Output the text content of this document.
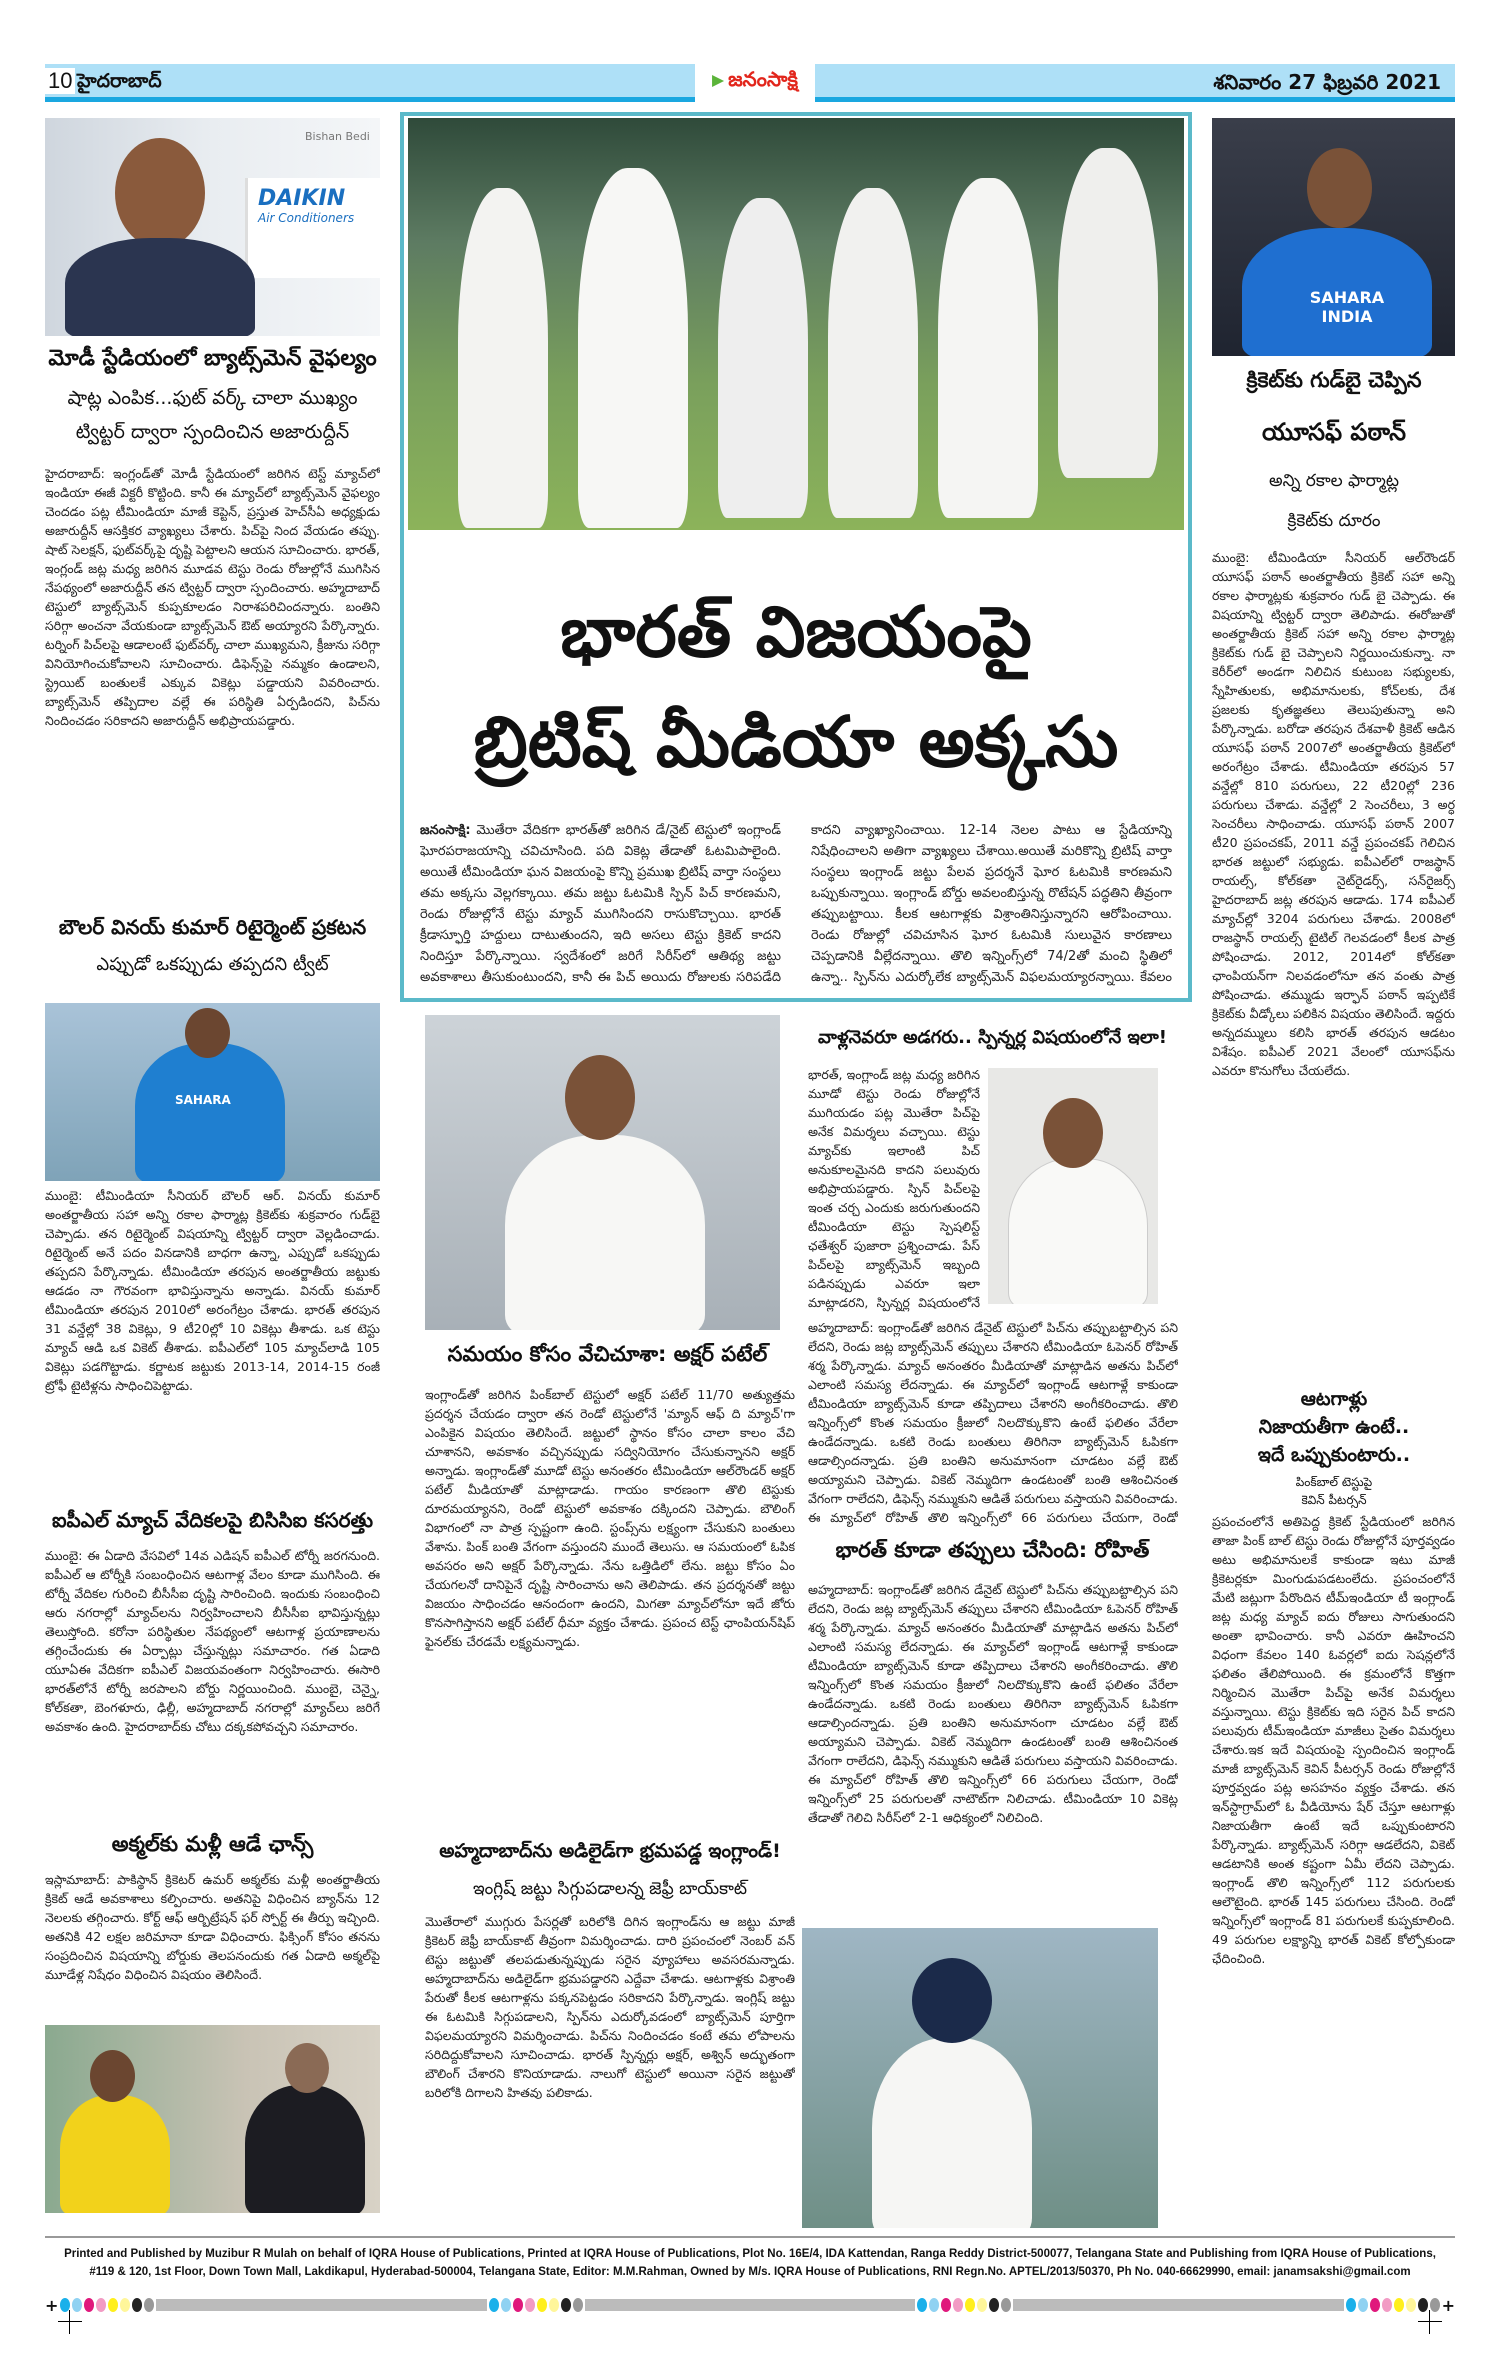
10 హైదరాబాద్	జనంసాక్షి	శనివారం 27 ఫిబ్రవరి 2021
DAIKIN
Air Conditioners
Bishan Bedi
మోడీ స్టేడియంలో బ్యాట్స్‌మెన్ వైఫల్యం
షాట్ల ఎంపిక...ఫుట్ వర్క్ చాలా ముఖ్యం
ట్విట్టర్ ద్వారా స్పందించిన అజారుద్దీన్
హైదరాబాద్: ఇంగ్లండ్‌తో మోడీ స్టేడియంలో జరిగిన టెస్ట్ మ్యాచ్‌లో ఇండియా ఈజీ విక్టరీ కొట్టింది. కానీ ఈ మ్యాచ్‌లో బ్యాట్స్‌మెన్ వైఫల్యం చెందడం పట్ల టీమిండియా మాజీ కెప్టెన్, ప్రస్తుత హెచ్‌సీఏ అధ్యక్షుడు అజారుద్దీన్ ఆసక్తికర వ్యాఖ్యలు చేశారు. పిచ్‌పై నింద వేయడం తప్పు. షాట్ సెలక్షన్, ఫుట్‌వర్క్‌పై దృష్టి పెట్టాలని ఆయన సూచించారు. భారత్, ఇంగ్లండ్ జట్ల మధ్య జరిగిన మూడవ టెస్టు రెండు రోజుల్లోనే ముగిసిన నేపథ్యంలో అజారుద్దీన్ తన ట్విట్టర్ ద్వారా స్పందించారు. అహ్మదాబాద్ టెస్టులో బ్యాట్స్‌మెన్ కుప్పకూలడం నిరాశపరిచిందన్నారు. బంతిని సరిగ్గా అంచనా వేయకుండా బ్యాట్స్‌మెన్ ఔట్ అయ్యారని పేర్కొన్నారు. టర్నింగ్ పిచ్‌లపై ఆడాలంటే ఫుట్‌వర్క్ చాలా ముఖ్యమని, క్రీజును సరిగ్గా వినియోగించుకోవాలని సూచించారు. డిఫెన్స్‌పై నమ్మకం ఉండాలని, స్ట్రెయిట్ బంతులకే ఎక్కువ వికెట్లు పడ్డాయని వివరించారు. బ్యాట్స్‌మెన్ తప్పిదాల వల్లే ఈ పరిస్థితి ఏర్పడిందని, పిచ్‌ను నిందించడం సరికాదని అజారుద్దీన్ అభిప్రాయపడ్డారు.
బౌలర్ వినయ్ కుమార్ రిటైర్మెంట్ ప్రకటన
ఎప్పుడో ఒకప్పుడు తప్పదని ట్వీట్
SAHARA
ముంబై: టీమిండియా సీనియర్ బౌలర్ ఆర్. వినయ్ కుమార్ అంతర్జాతీయ సహా అన్ని రకాల ఫార్మాట్ల క్రికెట్‌కు శుక్రవారం గుడ్‌బై చెప్పాడు. తన రిటైర్మెంట్ విషయాన్ని ట్విట్టర్ ద్వారా వెల్లడించాడు. రిటైర్మెంట్ అనే పదం వినడానికి బాధగా ఉన్నా, ఎప్పుడో ఒకప్పుడు తప్పదని పేర్కొన్నాడు. టీమిండియా తరపున అంతర్జాతీయ జట్టుకు ఆడడం నా గౌరవంగా భావిస్తున్నాను అన్నాడు. వినయ్ కుమార్ టీమిండియా తరపున 2010లో అరంగేట్రం చేశాడు. భారత్ తరపున 31 వన్డేల్లో 38 వికెట్లు, 9 టీ20ల్లో 10 వికెట్లు తీశాడు. ఒక టెస్టు మ్యాచ్ ఆడి ఒక వికెట్ తీశాడు. ఐపీఎల్‌లో 105 మ్యాచ్‌లాడి 105 వికెట్లు పడగొట్టాడు. కర్ణాటక జట్టుకు 2013-14, 2014-15 రంజీ ట్రోఫీ టైటిళ్లను సాధించిపెట్టాడు.
ఐపీఎల్ మ్యాచ్ వేదికలపై బిసిసిఐ కసరత్తు
ముంబై: ఈ ఏడాది వేసవిలో 14వ ఎడిషన్ ఐపీఎల్ టోర్నీ జరగనుంది. ఐపీఎల్ ఆ టోర్నీకి సంబంధించిన ఆటగాళ్ల వేలం కూడా ముగిసింది. ఈ టోర్నీ వేదికల గురించి బీసీసీఐ దృష్టి సారించింది. ఇందుకు సంబంధించి ఆరు నగరాల్లో మ్యాచ్‌లను నిర్వహించాలని బీసీసీఐ భావిస్తున్నట్లు తెలుస్తోంది. కరోనా పరిస్థితుల నేపథ్యంలో ఆటగాళ్ల ప్రయాణాలను తగ్గించేందుకు ఈ ఏర్పాట్లు చేస్తున్నట్లు సమాచారం. గత ఏడాది యూఏఈ వేదికగా ఐపీఎల్ విజయవంతంగా నిర్వహించారు. ఈసారి భారత్‌లోనే టోర్నీ జరపాలని బోర్డు నిర్ణయించింది. ముంబై, చెన్నై, కోల్‌కతా, బెంగళూరు, ఢిల్లీ, అహ్మదాబాద్ నగరాల్లో మ్యాచ్‌లు జరిగే అవకాశం ఉంది. హైదరాబాద్‌కు చోటు దక్కకపోవచ్చని సమాచారం.
అక్మల్‌కు మళ్లీ ఆడే ఛాన్స్
ఇస్లామాబాద్: పాకిస్థాన్ క్రికెటర్ ఉమర్ అక్మల్‌కు మళ్లీ అంతర్జాతీయ క్రికెట్ ఆడే అవకాశాలు కల్పించారు. అతనిపై విధించిన బ్యాన్‌ను 12 నెలలకు తగ్గించారు. కోర్ట్ ఆఫ్ ఆర్బిట్రేషన్ ఫర్ స్పోర్ట్ ఈ తీర్పు ఇచ్చింది. అతనికి 42 లక్షల జరిమానా కూడా విధించారు. ఫిక్సింగ్ కోసం తనను సంప్రదించిన విషయాన్ని బోర్డుకు తెలపనందుకు గత ఏడాది అక్మల్‌పై మూడేళ్ల నిషేధం విధించిన విషయం తెలిసిందే.
భారత్ విజయంపై
బ్రిటిష్ మీడియా అక్కసు
జనంసాక్షి: మొతేరా వేదికగా భారత్‌తో జరిగిన డే/నైట్ టెస్టులో ఇంగ్లాండ్ ఘోరపరాజయాన్ని చవిచూసింది. పది వికెట్ల తేడాతో ఓటమిపాలైంది. అయితే టీమిండియా ఘన విజయంపై కొన్ని ప్రముఖ బ్రిటిష్ వార్తా సంస్థలు తమ అక్కసు వెల్లగక్కాయి. తమ జట్టు ఓటమికి స్పిన్ పిచ్ కారణమని, రెండు రోజుల్లోనే టెస్టు మ్యాచ్ ముగిసిందని రాసుకొచ్చాయి. భారత్ క్రీడాస్ఫూర్తి హద్దులు దాటుతుందని, ఇది అసలు టెస్టు క్రికెట్ కాదని నిందిస్తూ పేర్కొన్నాయి. స్వదేశంలో జరిగే సిరీస్‌లో ఆతిథ్య జట్టు అవకాశాలు తీసుకుంటుందని, కానీ ఈ పిచ్ అయిదు రోజులకు సరిపడేది కాదని వ్యాఖ్యానించాయి. 12-14 నెలల పాటు ఆ స్టేడియాన్ని నిషేధించాలని అతిగా వ్యాఖ్యలు చేశాయి.అయితే మరికొన్ని బ్రిటిష్ వార్తా సంస్థలు ఇంగ్లాండ్ జట్టు పేలవ ప్రదర్శనే ఘోర ఓటమికి కారణమని ఒప్పుకున్నాయి. ఇంగ్లాండ్ బోర్డు అవలంబిస్తున్న రొటేషన్ పద్ధతిని తీవ్రంగా తప్పుబట్టాయి. కీలక ఆటగాళ్లకు విశ్రాంతినిస్తున్నారని ఆరోపించాయి. రెండు రోజుల్లో చవిచూసిన ఘోర ఓటమికి సులువైన కారణాలు చెప్పడానికి వీల్లేదన్నాయి. తొలి ఇన్నింగ్స్‌లో 74/2తో మంచి స్థితిలో ఉన్నా.. స్పిన్‌ను ఎదుర్కోలేక బ్యాట్స్‌మెన్ విఫలమయ్యారన్నాయి. కేవలం
సమయం కోసం వేచిచూశా: అక్షర్ పటేల్
ఇంగ్లాండ్‌తో జరిగిన పింక్‌బాల్ టెస్టులో అక్షర్ పటేల్ 11/70 అత్యుత్తమ ప్రదర్శన చేయడం ద్వారా తన రెండో టెస్టులోనే 'మ్యాన్ ఆఫ్ ది మ్యాచ్'గా ఎంపికైన విషయం తెలిసిందే. జట్టులో స్థానం కోసం చాలా కాలం వేచి చూశానని, అవకాశం వచ్చినప్పుడు సద్వినియోగం చేసుకున్నానని అక్షర్ అన్నాడు. ఇంగ్లాండ్‌తో మూడో టెస్టు అనంతరం టీమిండియా ఆల్‌రౌండర్ అక్షర్ పటేల్ మీడియాతో మాట్లాడాడు. గాయం కారణంగా తొలి టెస్టుకు దూరమయ్యానని, రెండో టెస్టులో అవకాశం దక్కిందని చెప్పాడు. బౌలింగ్ విభాగంలో నా పాత్ర స్పష్టంగా ఉంది. స్టంప్స్‌ను లక్ష్యంగా చేసుకుని బంతులు వేశాను. పింక్ బంతి వేగంగా వస్తుందని ముందే తెలుసు. ఆ సమయంలో ఓపిక అవసరం అని అక్షర్ పేర్కొన్నాడు. నేను ఒత్తిడిలో లేను. జట్టు కోసం ఏం చేయగలనో దానిపైనే దృష్టి సారించాను అని తెలిపాడు. తన ప్రదర్శనతో జట్టు విజయం సాధించడం ఆనందంగా ఉందని, మిగతా మ్యాచ్‌లోనూ ఇదే జోరు కొనసాగిస్తానని అక్షర్ పటేల్ ధీమా వ్యక్తం చేశాడు. ప్రపంచ టెస్ట్ ఛాంపియన్‌షిప్ ఫైనల్‌కు చేరడమే లక్ష్యమన్నాడు.
అహ్మదాబాద్‌ను అడిలైడ్‌గా భ్రమపడ్డ ఇంగ్లాండ్!
ఇంగ్లిష్ జట్టు సిగ్గుపడాలన్న జెఫ్రీ బాయ్‌కాట్
మొతేరాలో ముగ్గురు పేసర్లతో బరిలోకి దిగిన ఇంగ్లాండ్‌ను ఆ జట్టు మాజీ క్రికెటర్ జెఫ్రీ బాయ్‌కాట్ తీవ్రంగా విమర్శించాడు. దారి ప్రపంచంలో నెంబర్ వన్ టెస్టు జట్టుతో తలపడుతున్నప్పుడు సరైన వ్యూహాలు అవసరమన్నాడు. అహ్మదాబాద్‌ను అడిలైడ్‌గా భ్రమపడ్డారని ఎద్దేవా చేశాడు. ఆటగాళ్లకు విశ్రాంతి పేరుతో కీలక ఆటగాళ్లను పక్కనపెట్టడం సరికాదని పేర్కొన్నాడు. ఇంగ్లిష్ జట్టు ఈ ఓటమికి సిగ్గుపడాలని, స్పిన్‌ను ఎదుర్కోవడంలో బ్యాట్స్‌మెన్ పూర్తిగా విఫలమయ్యారని విమర్శించాడు. పిచ్‌ను నిందించడం కంటే తమ లోపాలను సరిదిద్దుకోవాలని సూచించాడు. భారత్ స్పిన్నర్లు అక్షర్, అశ్విన్ అద్భుతంగా బౌలింగ్ చేశారని కొనియాడాడు. నాలుగో టెస్టులో అయినా సరైన జట్టుతో బరిలోకి దిగాలని హితవు పలికాడు.
వాళ్లనెవరూ అడగరు.. స్పిన్నర్ల విషయంలోనే ఇలా!
భారత్, ఇంగ్లాండ్ జట్ల మధ్య జరిగిన మూడో టెస్టు రెండు రోజుల్లోనే ముగియడం పట్ల మొతేరా పిచ్‌పై అనేక విమర్శలు వచ్చాయి. టెస్టు మ్యాచ్‌కు ఇలాంటి పిచ్ అనుకూలమైనది కాదని పలువురు అభిప్రాయపడ్డారు. స్పిన్ పిచ్‌లపై ఇంత చర్చ ఎందుకు జరుగుతుందని టీమిండియా టెస్టు స్పెషలిస్ట్ ఛతేశ్వర్ పుజారా ప్రశ్నించాడు. పేస్ పిచ్‌లపై బ్యాట్స్‌మెన్ ఇబ్బంది పడినప్పుడు ఎవరూ ఇలా మాట్లాడరని, స్పిన్నర్ల విషయంలోనే
అహ్మదాబాద్: ఇంగ్లాండ్‌తో జరిగిన డేనైట్ టెస్టులో పిచ్‌ను తప్పుబట్టాల్సిన పని లేదని, రెండు జట్ల బ్యాట్స్‌మెన్ తప్పులు చేశారని టీమిండియా ఓపెనర్ రోహిత్ శర్మ పేర్కొన్నాడు. మ్యాచ్ అనంతరం మీడియాతో మాట్లాడిన అతను పిచ్‌లో ఎలాంటి సమస్య లేదన్నాడు. ఈ మ్యాచ్‌లో ఇంగ్లాండ్ ఆటగాళ్లే కాకుండా టీమిండియా బ్యాట్స్‌మెన్ కూడా తప్పిదాలు చేశారని అంగీకరించాడు. తొలి ఇన్నింగ్స్‌లో కొంత సమయం క్రీజులో నిలదొక్కుకొని ఉంటే ఫలితం వేరేలా ఉండేదన్నాడు. ఒకటి రెండు బంతులు తిరిగినా బ్యాట్స్‌మెన్ ఓపికగా ఆడాల్సిందన్నాడు. ప్రతి బంతిని అనుమానంగా చూడటం వల్లే ఔట్ అయ్యామని చెప్పాడు. వికెట్ నెమ్మదిగా ఉండటంతో బంతి ఆశించినంత వేగంగా రాలేదని, డిఫెన్స్ నమ్ముకుని ఆడితే పరుగులు వస్తాయని వివరించాడు. ఈ మ్యాచ్‌లో రోహిత్ తొలి ఇన్నింగ్స్‌లో 66 పరుగులు చేయగా, రెండో
భారత్ కూడా తప్పులు చేసింది: రోహిత్
అహ్మదాబాద్: ఇంగ్లాండ్‌తో జరిగిన డేనైట్ టెస్టులో పిచ్‌ను తప్పుబట్టాల్సిన పని లేదని, రెండు జట్ల బ్యాట్స్‌మెన్ తప్పులు చేశారని టీమిండియా ఓపెనర్ రోహిత్ శర్మ పేర్కొన్నాడు. మ్యాచ్ అనంతరం మీడియాతో మాట్లాడిన అతను పిచ్‌లో ఎలాంటి సమస్య లేదన్నాడు. ఈ మ్యాచ్‌లో ఇంగ్లాండ్ ఆటగాళ్లే కాకుండా టీమిండియా బ్యాట్స్‌మెన్ కూడా తప్పిదాలు చేశారని అంగీకరించాడు. తొలి ఇన్నింగ్స్‌లో కొంత సమయం క్రీజులో నిలదొక్కుకొని ఉంటే ఫలితం వేరేలా ఉండేదన్నాడు. ఒకటి రెండు బంతులు తిరిగినా బ్యాట్స్‌మెన్ ఓపికగా ఆడాల్సిందన్నాడు. ప్రతి బంతిని అనుమానంగా చూడటం వల్లే ఔట్ అయ్యామని చెప్పాడు. వికెట్ నెమ్మదిగా ఉండటంతో బంతి ఆశించినంత వేగంగా రాలేదని, డిఫెన్స్ నమ్ముకుని ఆడితే పరుగులు వస్తాయని వివరించాడు. ఈ మ్యాచ్‌లో రోహిత్ తొలి ఇన్నింగ్స్‌లో 66 పరుగులు చేయగా, రెండో ఇన్నింగ్స్‌లో 25 పరుగులతో నాటౌట్‌గా నిలిచాడు. టీమిండియా 10 వికెట్ల తేడాతో గెలిచి సిరీస్‌లో 2-1 ఆధిక్యంలో నిలిచింది.
SAHARA INDIA
క్రికెట్‌కు గుడ్‌బై చెప్పిన
యూసఫ్ పఠాన్
అన్ని రకాల ఫార్మాట్ల
క్రికెట్‌కు దూరం
ముంబై: టీమిండియా సీనియర్ ఆల్‌రౌండర్ యూసఫ్ పఠాన్ అంతర్జాతీయ క్రికెట్ సహా అన్ని రకాల ఫార్మాట్లకు శుక్రవారం గుడ్ బై చెప్పాడు. ఈ విషయాన్ని ట్విట్టర్ ద్వారా తెలిపాడు. ఈరోజుతో అంతర్జాతీయ క్రికెట్ సహా అన్ని రకాల ఫార్మాట్ల క్రికెట్‌కు గుడ్ బై చెప్పాలని నిర్ణయించుకున్నా. నా కెరీర్‌లో అండగా నిలిచిన కుటుంబ సభ్యులకు, స్నేహితులకు, అభిమానులకు, కోచ్‌లకు, దేశ ప్రజలకు కృతజ్ఞతలు తెలుపుతున్నా అని పేర్కొన్నాడు. బరోడా తరపున దేశవాళీ క్రికెట్ ఆడిన యూసఫ్ పఠాన్ 2007లో అంతర్జాతీయ క్రికెట్‌లో అరంగేట్రం చేశాడు. టీమిండియా తరపున 57 వన్డేల్లో 810 పరుగులు, 22 టీ20ల్లో 236 పరుగులు చేశాడు. వన్డేల్లో 2 సెంచరీలు, 3 అర్ధ సెంచరీలు సాధించాడు. యూసఫ్ పఠాన్ 2007 టీ20 ప్రపంచకప్, 2011 వన్డే ప్రపంచకప్ గెలిచిన భారత జట్టులో సభ్యుడు. ఐపీఎల్‌లో రాజస్థాన్ రాయల్స్, కోల్‌కతా నైట్‌రైడర్స్, సన్‌రైజర్స్ హైదరాబాద్ జట్ల తరపున ఆడాడు. 174 ఐపీఎల్ మ్యాచ్‌ల్లో 3204 పరుగులు చేశాడు. 2008లో రాజస్థాన్ రాయల్స్ టైటిల్ గెలవడంలో కీలక పాత్ర పోషించాడు. 2012, 2014లో కోల్‌కతా ఛాంపియన్‌గా నిలవడంలోనూ తన వంతు పాత్ర పోషించాడు. తమ్ముడు ఇర్ఫాన్ పఠాన్ ఇప్పటికే క్రికెట్‌కు వీడ్కోలు పలికిన విషయం తెలిసిందే. ఇద్దరు అన్నదమ్ములు కలిసి భారత్ తరపున ఆడటం విశేషం. ఐపీఎల్ 2021 వేలంలో యూసఫ్‌ను ఎవరూ కొనుగోలు చేయలేదు.
ఆటగాళ్లు
నిజాయతీగా ఉంటే..
ఇదే ఒప్పుకుంటారు..
పింక్‌బాల్ టెస్టుపై
కెవిన్ పీటర్సన్
ప్రపంచంలోనే అతిపెద్ద క్రికెట్ స్టేడియంలో జరిగిన తాజా పింక్ బాల్ టెస్టు రెండు రోజుల్లోనే పూర్తవ్వడం అటు అభిమానులకే కాకుండా ఇటు మాజీ క్రికెటర్లకూ మింగుడుపడటంలేదు. ప్రపంచంలోనే మేటి జట్లుగా పేరొందిన టీమ్‌ఇండియా టీ ఇంగ్లాండ్ జట్ల మధ్య మ్యాచ్ ఐదు రోజులు సాగుతుందని అంతా భావించారు. కానీ ఎవరూ ఊహించని విధంగా కేవలం 140 ఓవర్లలో ఐదు సెషన్లలోనే ఫలితం తేలిపోయింది. ఈ క్రమంలోనే కొత్తగా నిర్మించిన మొతేరా పిచ్‌పై అనేక విమర్శలు వస్తున్నాయి. టెస్టు క్రికెట్‌కు ఇది సరైన పిచ్ కాదని పలువురు టీమ్‌ఇండియా మాజీలు సైతం విమర్శలు చేశారు.ఇక ఇదే విషయంపై స్పందించిన ఇంగ్లాండ్ మాజీ బ్యాట్స్‌మెన్ కెవిన్ పీటర్సన్ రెండు రోజుల్లోనే పూర్తవ్వడం పట్ల అసహనం వ్యక్తం చేశాడు. తన ఇన్‌స్టాగ్రామ్‌లో ఓ వీడియోను షేర్ చేస్తూ ఆటగాళ్లు నిజాయతీగా ఉంటే ఇదే ఒప్పుకుంటారని పేర్కొన్నాడు. బ్యాట్స్‌మెన్ సరిగ్గా ఆడలేదని, వికెట్ ఆడటానికి అంత కష్టంగా ఏమీ లేదని చెప్పాడు. ఇంగ్లాండ్ తొలి ఇన్నింగ్స్‌లో 112 పరుగులకు ఆలౌటైంది. భారత్ 145 పరుగులు చేసింది. రెండో ఇన్నింగ్స్‌లో ఇంగ్లాండ్ 81 పరుగులకే కుప్పకూలింది. 49 పరుగుల లక్ష్యాన్ని భారత్ వికెట్ కోల్పోకుండా ఛేదించింది.
Printed and Published by Muzibur R Mulah on behalf of IQRA House of Publications, Printed at IQRA House of Publications, Plot No. 16E/4, IDA Kattendan, Ranga Reddy District-500077, Telangana State and Publishing from IQRA House of Publications,
#119 & 120, 1st Floor, Down Town Mall, Lakdikapul, Hyderabad-500004, Telangana State, Editor: M.M.Rahman, Owned by M/s. IQRA House of Publications, RNI Regn.No. APTEL/2013/50370, Ph No. 040-66629990, email: janamsakshi@gmail.com
+	+
